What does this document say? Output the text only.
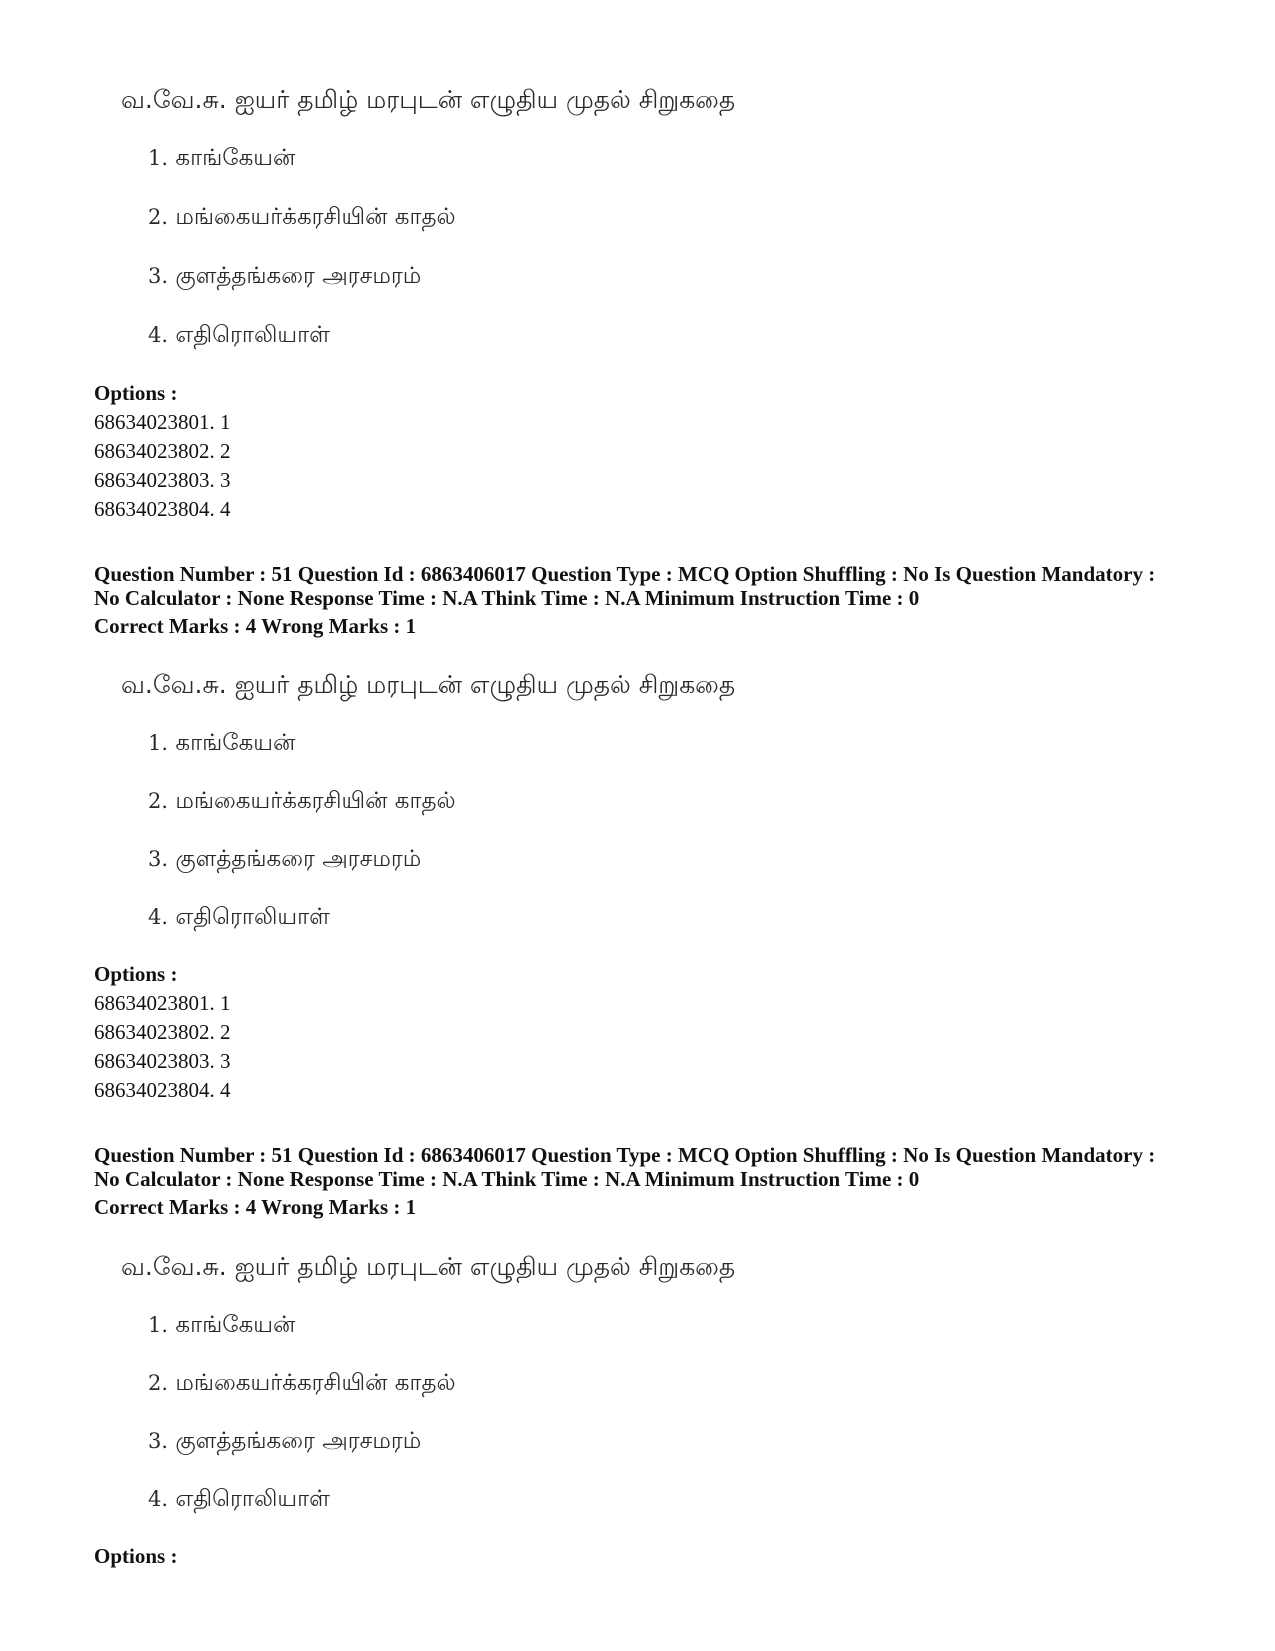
வ.வே.சு. ஐயர் தமிழ் மரபுடன் எழுதிய முதல் சிறுகதை
1. காங்கேயன்
2. மங்கையர்க்கரசியின் காதல்
3. குளத்தங்கரை அரசமரம்
4. எதிரொலியாள்
Options :
68634023801. 1
68634023802. 2
68634023803. 3
68634023804. 4
Question Number : 51 Question Id : 6863406017 Question Type : MCQ Option Shuffling : No Is Question Mandatory :
No Calculator : None Response Time : N.A Think Time : N.A Minimum Instruction Time : 0
Correct Marks : 4 Wrong Marks : 1
வ.வே.சு. ஐயர் தமிழ் மரபுடன் எழுதிய முதல் சிறுகதை
1. காங்கேயன்
2. மங்கையர்க்கரசியின் காதல்
3. குளத்தங்கரை அரசமரம்
4. எதிரொலியாள்
Options :
68634023801. 1
68634023802. 2
68634023803. 3
68634023804. 4
Question Number : 51 Question Id : 6863406017 Question Type : MCQ Option Shuffling : No Is Question Mandatory :
No Calculator : None Response Time : N.A Think Time : N.A Minimum Instruction Time : 0
Correct Marks : 4 Wrong Marks : 1
வ.வே.சு. ஐயர் தமிழ் மரபுடன் எழுதிய முதல் சிறுகதை
1. காங்கேயன்
2. மங்கையர்க்கரசியின் காதல்
3. குளத்தங்கரை அரசமரம்
4. எதிரொலியாள்
Options :
